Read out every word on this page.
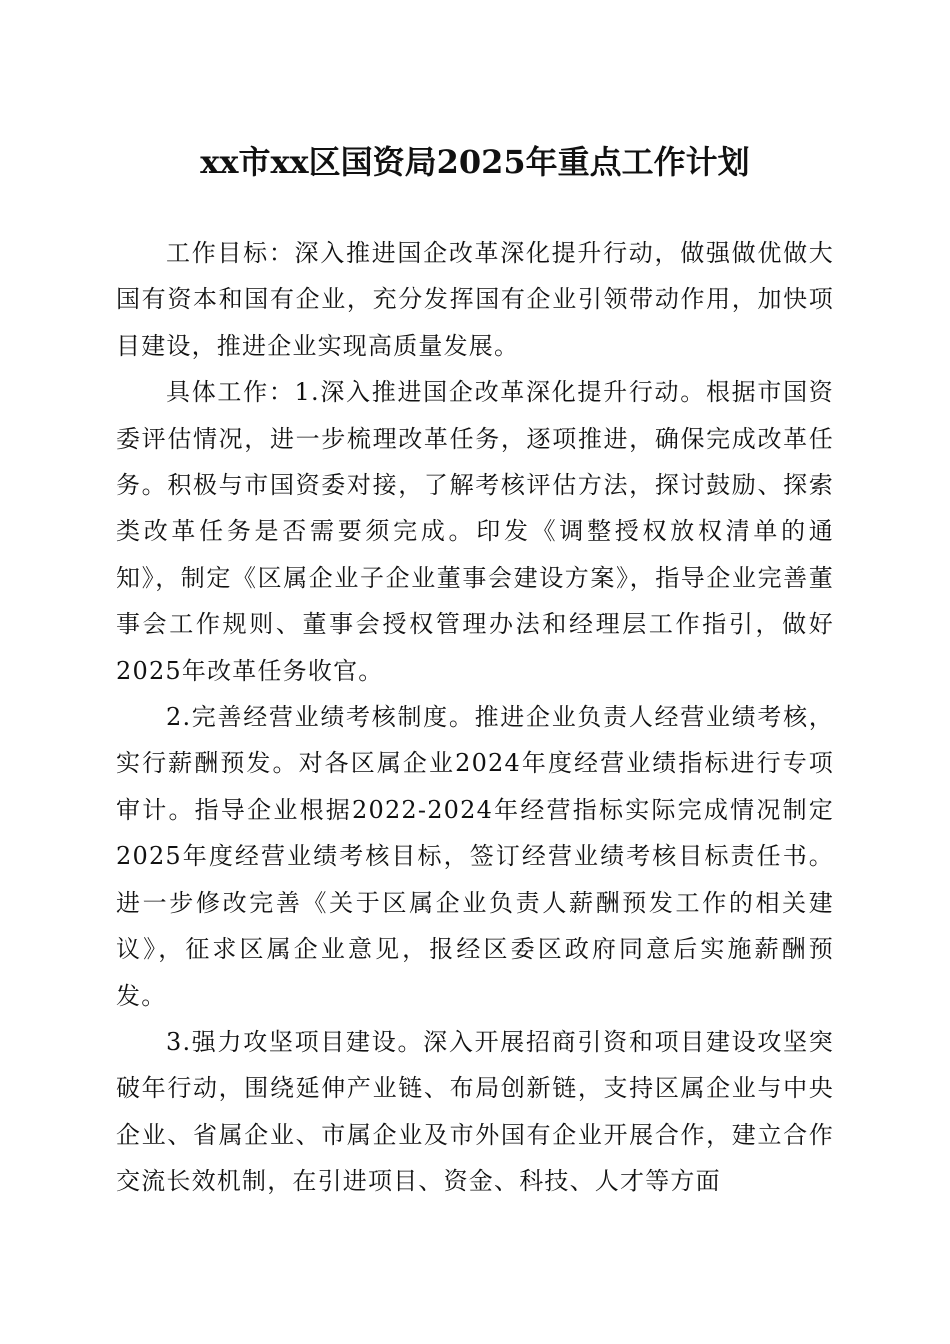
xx市xx区国资局2025年重点工作计划

工作目标：深入推进国企改革深化提升行动，做强做优做大国有资本和国有企业，充分发挥国有企业引领带动作用，加快项目建设，推进企业实现高质量发展。

具体工作：1.深入推进国企改革深化提升行动。根据市国资委评估情况，进一步梳理改革任务，逐项推进，确保完成改革任务。积极与市国资委对接，了解考核评估方法，探讨鼓励、探索类改革任务是否需要须完成。印发《调整授权放权清单的通知》，制定《区属企业子企业董事会建设方案》，指导企业完善董事会工作规则、董事会授权管理办法和经理层工作指引，做好2025年改革任务收官。

2.完善经营业绩考核制度。推进企业负责人经营业绩考核，实行薪酬预发。对各区属企业2024年度经营业绩指标进行专项审计。指导企业根据2022-2024年经营指标实际完成情况制定2025年度经营业绩考核目标，签订经营业绩考核目标责任书。进一步修改完善《关于区属企业负责人薪酬预发工作的相关建议》，征求区属企业意见，报经区委区政府同意后实施薪酬预发。

3.强力攻坚项目建设。深入开展招商引资和项目建设攻坚突破年行动，围绕延伸产业链、布局创新链，支持区属企业与中央企业、省属企业、市属企业及市外国有企业开展合作，建立合作交流长效机制，在引进项目、资金、科技、人才等方面
